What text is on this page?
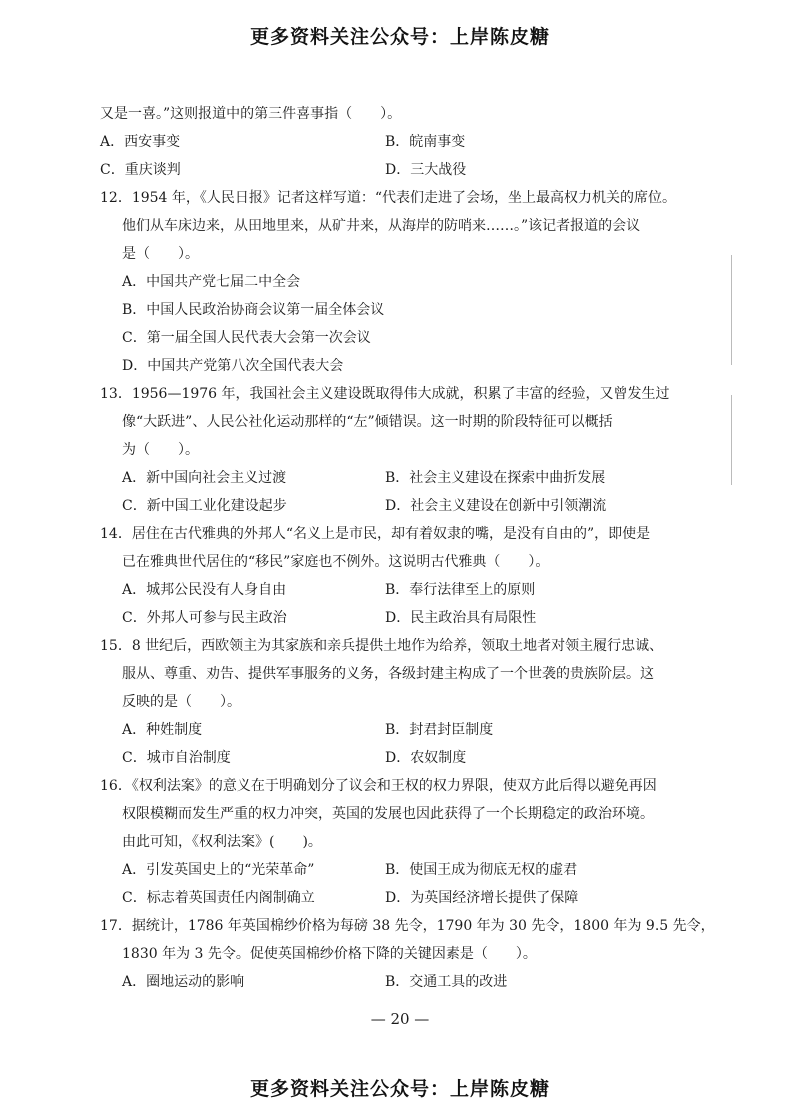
更多资料关注公众号：上岸陈皮糖
又是一喜。”这则报道中的第三件喜事指（　　）。
A．西安事变	B．皖南事变
C．重庆谈判	D．三大战役
12．1954 年，《人民日报》记者这样写道：“代表们走进了会场，坐上最高权力机关的席位。
他们从车床边来，从田地里来，从矿井来，从海岸的防哨来……。”该记者报道的会议
是（　　）。
A．中国共产党七届二中全会
B．中国人民政治协商会议第一届全体会议
C．第一届全国人民代表大会第一次会议
D．中国共产党第八次全国代表大会
13．1956—1976 年，我国社会主义建设既取得伟大成就，积累了丰富的经验，又曾发生过
像“大跃进”、人民公社化运动那样的“左”倾错误。这一时期的阶段特征可以概括
为（　　）。
A．新中国向社会主义过渡	B．社会主义建设在探索中曲折发展
C．新中国工业化建设起步	D．社会主义建设在创新中引领潮流
14．居住在古代雅典的外邦人“名义上是市民，却有着奴隶的嘴，是没有自由的”，即使是
已在雅典世代居住的“移民”家庭也不例外。这说明古代雅典（　　）。
A．城邦公民没有人身自由	B．奉行法律至上的原则
C．外邦人可参与民主政治	D．民主政治具有局限性
15．8 世纪后，西欧领主为其家族和亲兵提供土地作为给养，领取土地者对领主履行忠诚、
服从、尊重、劝告、提供军事服务的义务，各级封建主构成了一个世袭的贵族阶层。这
反映的是（　　）。
A．种姓制度	B．封君封臣制度
C．城市自治制度	D．农奴制度
16．《权利法案》的意义在于明确划分了议会和王权的权力界限，使双方此后得以避免再因
权限模糊而发生严重的权力冲突，英国的发展也因此获得了一个长期稳定的政治环境。
由此可知，《权利法案》(　　)。
A．引发英国史上的“光荣革命”	B．使国王成为彻底无权的虚君
C．标志着英国责任内阁制确立	D．为英国经济增长提供了保障
17．据统计，1786 年英国棉纱价格为每磅 38 先令，1790 年为 30 先令，1800 年为 9.5 先令，
1830 年为 3 先令。促使英国棉纱价格下降的关键因素是（　　）。
A．圈地运动的影响	B．交通工具的改进
— 20 —
更多资料关注公众号：上岸陈皮糖
